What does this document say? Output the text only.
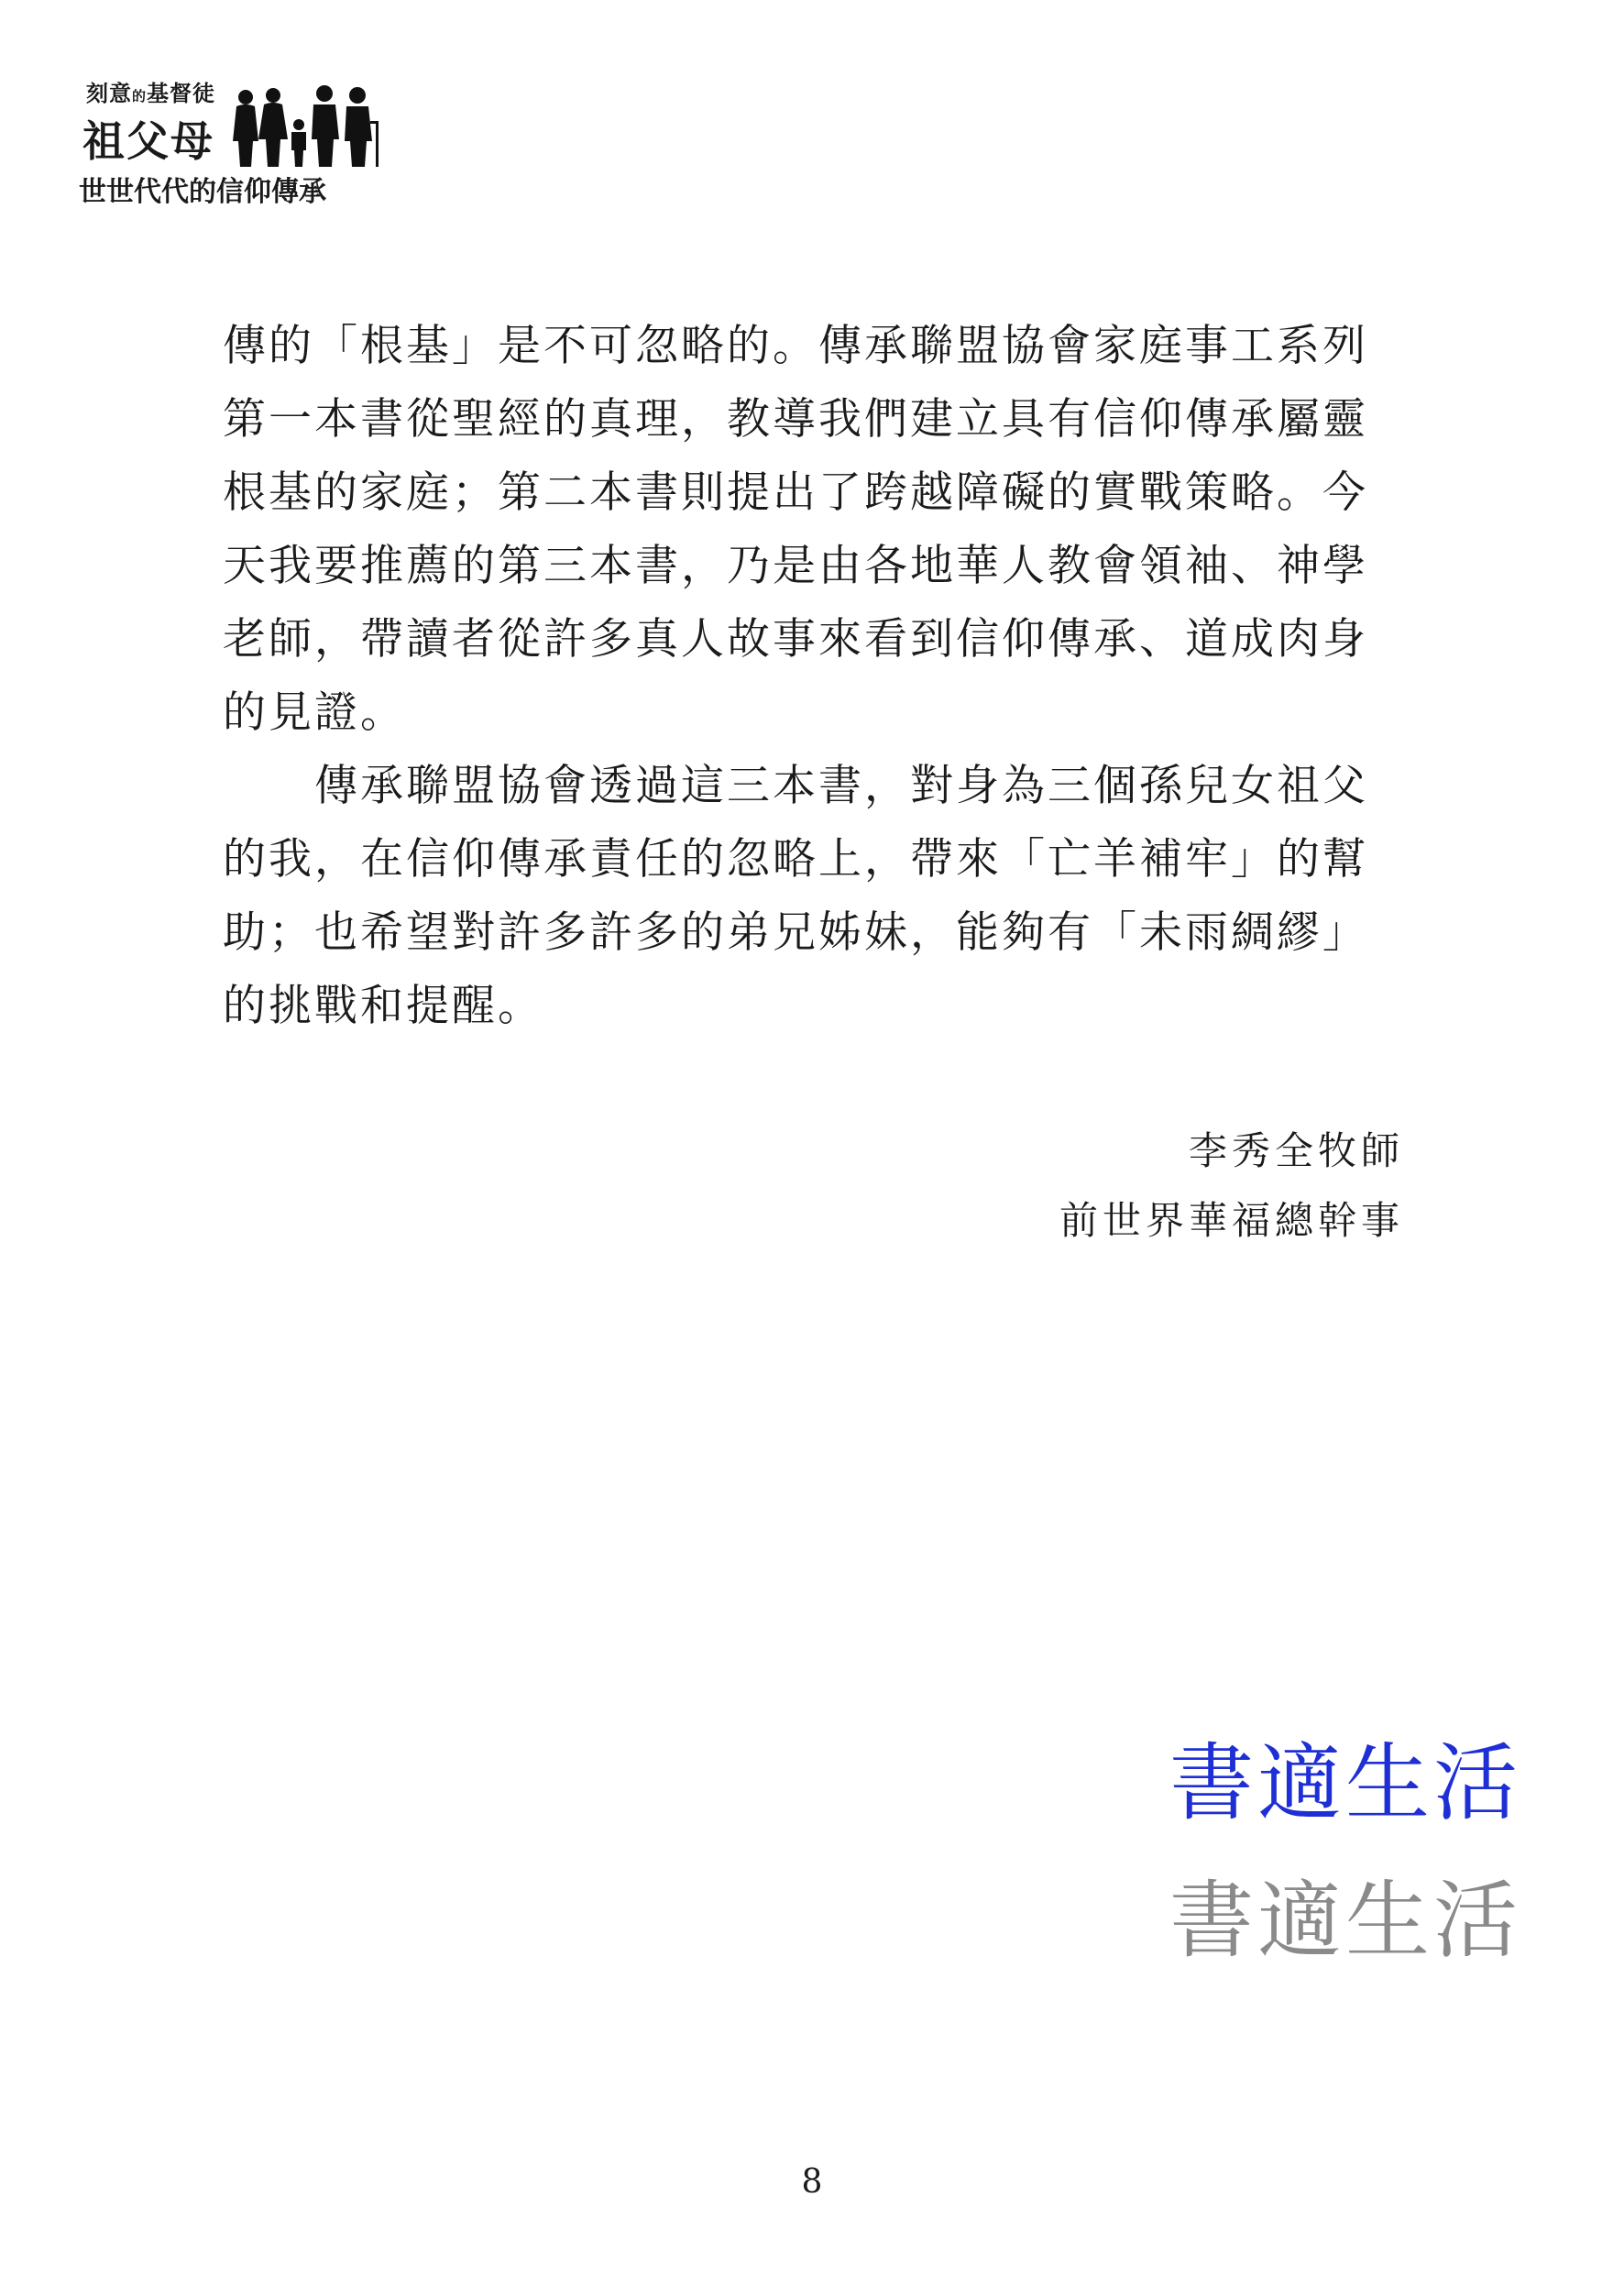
刻意的基督徒
祖父母
世世代代的信仰傳承

傳的「根基」是不可忽略的。傳承聯盟協會家庭事工系列第一本書從聖經的真理，教導我們建立具有信仰傳承屬靈根基的家庭；第二本書則提出了跨越障礙的實戰策略。今天我要推薦的第三本書，乃是由各地華人教會領袖、神學老師，帶讀者從許多真人故事來看到信仰傳承、道成肉身的見證。

傳承聯盟協會透過這三本書，對身為三個孫兒女祖父的我，在信仰傳承責任的忽略上，帶來「亡羊補牢」的幫助；也希望對許多許多的弟兄姊妹，能夠有「未雨綢繆」的挑戰和提醒。

李秀全牧師
前世界華福總幹事
書適生活
書適生活
8
